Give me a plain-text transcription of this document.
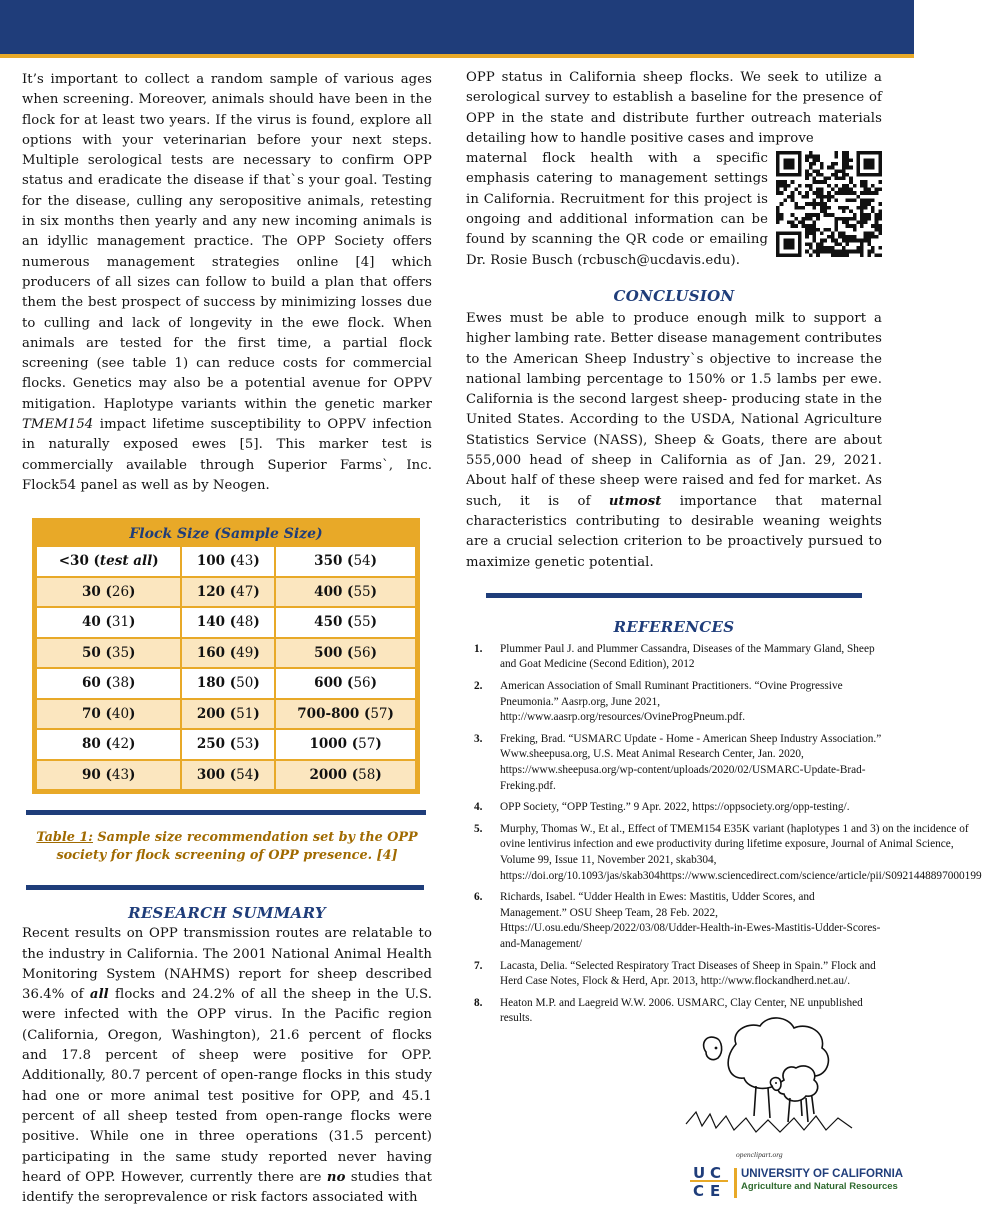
It’s important to collect a random sample of various ages when screening. Moreover, animals should have been in the flock for at least two years. If the virus is found, explore all options with your veterinarian before your next steps. Multiple serological tests are necessary to confirm OPP status and eradicate the disease if that`s your goal. Testing for the disease, culling any seropositive animals, retesting in six months then yearly and any new incoming animals is an idyllic management practice. The OPP Society offers numerous management strategies online [4] which producers of all sizes can follow to build a plan that offers them the best prospect of success by minimizing losses due to culling and lack of longevity in the ewe flock. When animals are tested for the first time, a partial flock screening (see table 1) can reduce costs for commercial flocks. Genetics may also be a potential avenue for OPPV mitigation. Haplotype variants within the genetic marker TMEM154 impact lifetime susceptibility to OPPV infection in naturally exposed ewes [5]. This marker test is commercially available through Superior Farms`, Inc. Flock54 panel as well as by Neogen.

Flock Size (Sample Size)		
<30 (test all)	100 (43)	350 (54)
30 (26)	120 (47)	400 (55)
40 (31)	140 (48)	450 (55)
50 (35)	160 (49)	500 (56)
60 (38)	180 (50)	600 (56)
70 (40)	200 (51)	700-800 (57)
80 (42)	250 (53)	1000 (57)
90 (43)	300 (54)	2000 (58)
Table 1: Sample size recommendation set by the OPP
society for flock screening of OPP presence. [4]
RESEARCH SUMMARY

Recent results on OPP transmission routes are relatable to the industry in California. The 2001 National Animal Health Monitoring System (NAHMS) report for sheep described 36.4% of all flocks and 24.2% of all the sheep in the U.S. were infected with the OPP virus. In the Pacific region (California, Oregon, Washington), 21.6 percent of flocks and 17.8 percent of sheep were positive for OPP. Additionally, 80.7 percent of open-range flocks in this study had one or more animal test positive for OPP, and 45.1 percent of all sheep tested from open-range flocks were positive. While one in three operations (31.5 percent) participating in the same study reported never having heard of OPP. However, currently there are no studies that identify the seroprevalence or risk factors associated with

OPP status in California sheep flocks. We seek to utilize a serological survey to establish a baseline for the presence of OPP in the state and distribute further outreach materials detailing how to handle positive cases and improve

maternal flock health with a specific emphasis catering to management settings in California. Recruitment for this project is ongoing and additional information can be found by scanning the QR code or emailing Dr. Rosie Busch (rcbusch@ucdavis.edu).

CONCLUSION

Ewes must be able to produce enough milk to support a higher lambing rate. Better disease management contributes to the American Sheep Industry`s objective to increase the national lambing percentage to 150% or 1.5 lambs per ewe. California is the second largest sheep- producing state in the United States. According to the USDA, National Agriculture Statistics Service (NASS), Sheep & Goats, there are about 555,000 head of sheep in California as of Jan. 29, 2021. About half of these sheep were raised and fed for market. As such, it is of utmost importance that maternal characteristics contributing to desirable weaning weights are a crucial selection criterion to be proactively pursued to maximize genetic potential.

REFERENCES
1.	Plummer Paul J. and Plummer Cassandra, Diseases of the Mammary Gland, Sheep and Goat Medicine (Second Edition), 2012
2.	American Association of Small Ruminant Practitioners. “Ovine Progressive Pneumonia.” Aasrp.org, June 2021, http://www.aasrp.org/resources/OvineProgPneum.pdf.
3.	Freking, Brad. “USMARC Update - Home - American Sheep Industry Association.” Www.sheepusa.org, U.S. Meat Animal Research Center, Jan. 2020, https://www.sheepusa.org/wp-content/uploads/2020/02/USMARC-Update-Brad-Freking.pdf.
4.	OPP Society, “OPP Testing.” 9 Apr. 2022, https://oppsociety.org/opp-testing/.
5.	Murphy, Thomas W., Et al., Effect of TMEM154 E35K variant (haplotypes 1 and 3) on the incidence of ovine lentivirus infection and ewe productivity during lifetime exposure, Journal of Animal Science, Volume 99, Issue 11, November 2021, skab304, https://doi.org/10.1093/jas/skab304https://www.sciencedirect.com/science/article/pii/S0921448897000199
6.	Richards, Isabel. “Udder Health in Ewes: Mastitis, Udder Scores, and Management.” OSU Sheep Team, 28 Feb. 2022, Https://U.osu.edu/Sheep/2022/03/08/Udder-Health-in-Ewes-Mastitis-Udder-Scores-and-Management/
7.	Lacasta, Delia. “Selected Respiratory Tract Diseases of Sheep in Spain.” Flock and Herd Case Notes, Flock & Herd, Apr. 2013, http://www.flockandherd.net.au/.
8.	Heaton M.P. and Laegreid W.W. 2006. USMARC, Clay Center, NE unpublished results.
openclipart.org
U C
C E
UNIVERSITY OF CALIFORNIA
Agriculture and Natural Resources
